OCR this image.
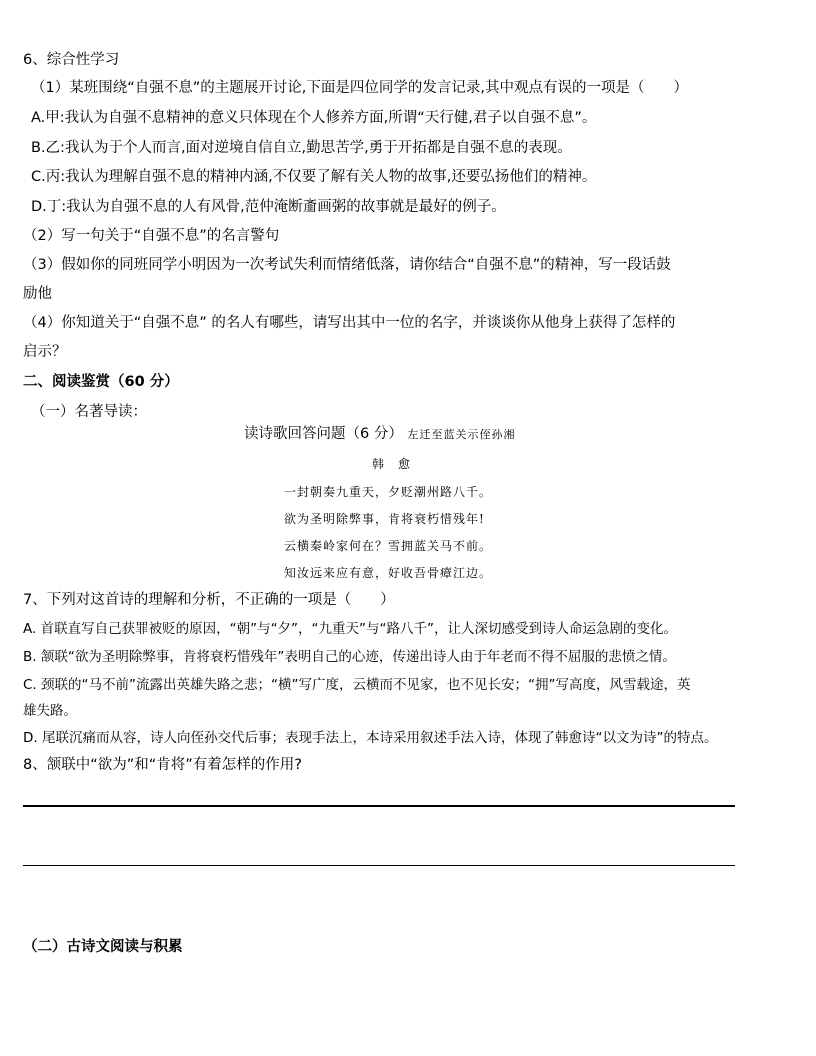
6、综合性学习
（1）某班围绕“自强不息”的主题展开讨论,下面是四位同学的发言记录,其中观点有误的一项是（　　）
A.甲:我认为自强不息精神的意义只体现在个人修养方面,所谓“天行健,君子以自强不息”。
B.乙:我认为于个人而言,面对逆境自信自立,勤思苦学,勇于开拓都是自强不息的表现。
C.丙:我认为理解自强不息的精神内涵,不仅要了解有关人物的故事,还要弘扬他们的精神。
D.丁:我认为自强不息的人有风骨,范仲淹断齑画粥的故事就是最好的例子。
（2）写一句关于“自强不息”的名言警句
（3）假如你的同班同学小明因为一次考试失利而情绪低落，请你结合“自强不息”的精神，写一段话鼓
励他
（4）你知道关于“自强不息” 的名人有哪些，请写出其中一位的名字，并谈谈你从他身上获得了怎样的
启示？
二、阅读鉴赏（60 分）
（一）名著导读：
读诗歌回答问题（6 分） 左迁至蓝关示侄孙湘
韩　愈
一封朝奏九重天，夕贬潮州路八千。
欲为圣明除弊事，肯将衰朽惜残年!
云横秦岭家何在？雪拥蓝关马不前。
知汝远来应有意，好收吾骨瘴江边。
7、下列对这首诗的理解和分析，不正确的一项是（　　）
A. 首联直写自己获罪被贬的原因，“朝”与“夕”，“九重天”与“路八千”，让人深切感受到诗人命运急剧的变化。
B. 颔联“欲为圣明除弊事，肯将衰朽惜残年”表明自己的心迹，传递出诗人由于年老而不得不屈服的悲愤之情。
C. 颈联的“马不前”流露出英雄失路之悲；“横”写广度，云横而不见家，也不见长安；“拥”写高度，风雪载途，英
雄失路。
D. 尾联沉痛而从容，诗人向侄孙交代后事；表现手法上，本诗采用叙述手法入诗，体现了韩愈诗“以文为诗”的特点。
8、颔联中“欲为”和“肯将”有着怎样的作用?
（二）古诗文阅读与积累
